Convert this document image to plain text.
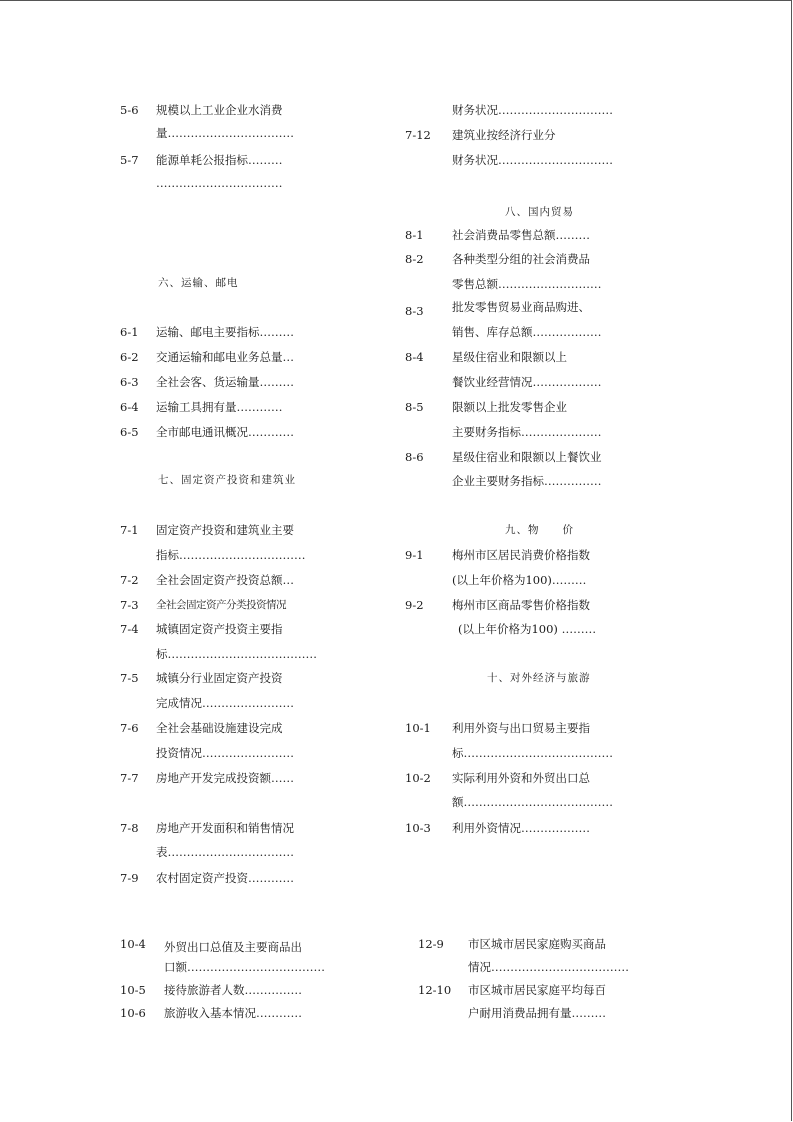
5-6 规模以上工业企业水消费
量……………………………
5-7 能源单耗公报指标………
……………………………
六、运输、邮电
6-1 运输、邮电主要指标………
6-2 交通运输和邮电业务总量…
6-3 全社会客、货运输量………
6-4 运输工具拥有量…………
6-5 全市邮电通讯概况…………
七、固定资产投资和建筑业
7-1 固定资产投资和建筑业主要
指标……………………………
7-2 全社会固定资产投资总额…
7-3 全社会固定资产分类投资情况
7-4 城镇固定资产投资主要指
标…………………………………
7-5 城镇分行业固定资产投资
完成情况……………………
7-6 全社会基础设施建设完成
投资情况……………………
7-7 房地产开发完成投资额……
7-8 房地产开发面积和销售情况
表……………………………
7-9 农村固定资产投资…………
财务状况…………………………
7-12 建筑业按经济行业分
财务状况…………………………
八、国内贸易
8-1 社会消费品零售总额………
8-2 各种类型分组的社会消费品
零售总额………………………
8-3 批发零售贸易业商品购进、
销售、库存总额………………
8-4 星级住宿业和限额以上
餐饮业经营情况………………
8-5 限额以上批发零售企业
主要财务指标…………………
8-6 星级住宿业和限额以上餐饮业
企业主要财务指标……………
九、物　　价
9-1 梅州市区居民消费价格指数
(以上年价格为100)………
9-2 梅州市区商品零售价格指数
(以上年价格为100) ………
十、对外经济与旅游
10-1 利用外资与出口贸易主要指
标…………………………………
10-2 实际利用外资和外贸出口总
额…………………………………
10-3 利用外资情况………………
10-4 外贸出口总值及主要商品出
口额………………………………
10-5 接待旅游者人数……………
10-6 旅游收入基本情况…………
12-9 市区城市居民家庭购买商品
情况………………………………
12-10 市区城市居民家庭平均每百
户耐用消费品拥有量………
